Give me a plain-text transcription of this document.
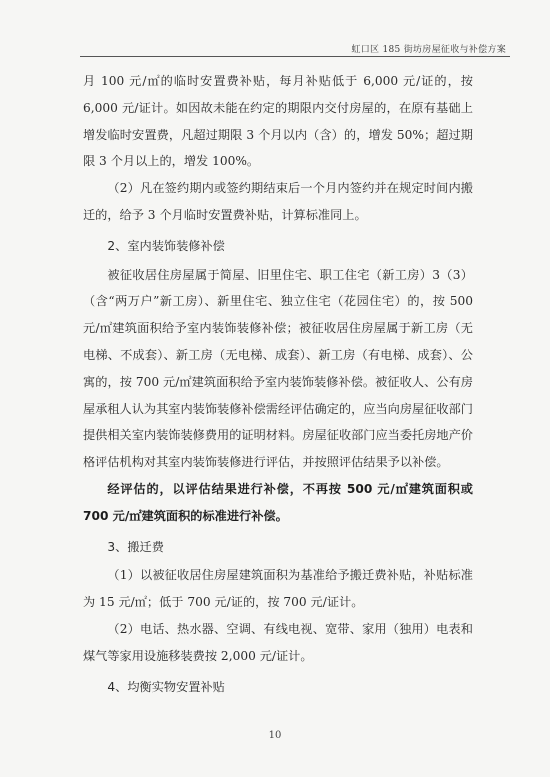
虹口区 185 街坊房屋征收与补偿方案

月 100 元/㎡的临时安置费补贴，每月补贴低于 6,000 元/证的，按 6,000 元/证计。如因故未能在约定的期限内交付房屋的，在原有基础上增发临时安置费，凡超过期限 3 个月以内（含）的，增发 50%；超过期限 3 个月以上的，增发 100%。

（2）凡在签约期内或签约期结束后一个月内签约并在规定时间内搬迁的，给予 3 个月临时安置费补贴，计算标准同上。

2、室内装饰装修补偿

被征收居住房屋属于简屋、旧里住宅、职工住宅（新工房）3（3）（含“两万户”新工房）、新里住宅、独立住宅（花园住宅）的，按 500 元/㎡建筑面积给予室内装饰装修补偿；被征收居住房屋属于新工房（无电梯、不成套）、新工房（无电梯、成套）、新工房（有电梯、成套）、公寓的，按 700 元/㎡建筑面积给予室内装饰装修补偿。被征收人、公有房屋承租人认为其室内装饰装修补偿需经评估确定的，应当向房屋征收部门提供相关室内装饰装修费用的证明材料。房屋征收部门应当委托房地产价格评估机构对其室内装饰装修进行评估，并按照评估结果予以补偿。

经评估的，以评估结果进行补偿，不再按 500 元/㎡建筑面积或 700 元/㎡建筑面积的标准进行补偿。

3、搬迁费

（1）以被征收居住房屋建筑面积为基准给予搬迁费补贴，补贴标准为 15 元/㎡；低于 700 元/证的，按 700 元/证计。

（2）电话、热水器、空调、有线电视、宽带、家用（独用）电表和煤气等家用设施移装费按 2,000 元/证计。

4、均衡实物安置补贴

10
